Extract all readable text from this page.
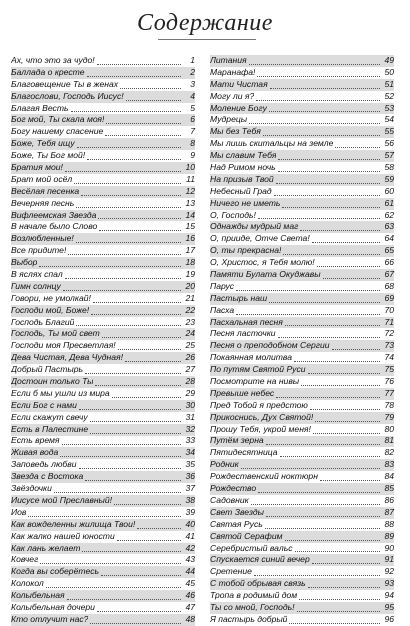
Содержание
Ах, что это за чудо!	1
Баллада о кресте	2
Благовещение Ты в женах	3
Благослови, Господь Иисус!	4
Благая Весть	5
Бог мой, Ты скала моя!	6
Богу нашему спасение	7
Боже, Тебя ищу	8
Боже, Ты Бог мой!	9
Братия мои!	10
Брат мой осёл	11
Весёлая песенка	12
Вечерняя песнь	13
Вифлеемская Звезда	14
В начале было Слово	15
Возлюбленные!	16
Все придите!	17
Выбор	18
В яслях спал	19
Гимн солнцу	20
Говори, не умолкай!	21
Господи мой, Боже!	22
Господь Благий	23
Господь, Ты мой свет	24
Господи моя Пресветлая!	25
Дева Чистая, Дева Чудная!	26
Добрый Пастырь	27
Достоин только Ты	28
Если б мы ушли из мира	29
Если Бог с нами	30
Если скажут свечу	31
Есть в Палестине	32
Есть время	33
Живая вода	34
Заповедь любви	35
Звезда с Востока	36
Звёздочки	37
Иисусе мой Преславный!	38
Иов	39
Как вожделенны жилища Твои!	40
Как жалко нашей юности	41
Как лань желает	42
Ковчег	43
Когда вы соберётесь	44
Колокол	45
Колыбельная	46
Колыбельная дочери	47
Кто отлучит нас?	48
Литания	49
Маранафа!	50
Мати Чистая	51
Могу ли я?	52
Моление Богу	53
Мудрецы	54
Мы без Тебя	55
Мы лишь скитальцы на земле	56
Мы славим Тебя	57
Над Римом ночь	58
На призыв Твой	59
Небесный Град	60
Ничего не иметь	61
О, Господь!	62
Однажды мудрый маг	63
О, прииде, Отче Света!	64
О, ты прекрасна!	65
О, Христос, я Тебя молю!	66
Памяти Булата Окуджавы	67
Парус	68
Пастырь наш	69
Пасха	70
Пасхальная песня	71
Песня ласточки	72
Песня о преподобном Сергии	73
Покаянная молитва	74
По путям Святой Руси	75
Посмотрите на нивы	76
Превыше небес	77
Пред Тобой я предстою	78
Прикоснись, Дух Святой!	79
Прошу Тебя, укрой меня!	80
Путём зерна	81
Пятидесятница	82
Родник	83
Рождественский ноктюрн	84
Рождество	85
Садовник	86
Свет Звезды	87
Святая Русь	88
Святой Серафим	89
Серебристый вальс	90
Спускается синий вечер	91
Сретение	92
С тобой обрывая связь	93
Тропа в родимый дом	94
Ты со мной, Господь!	95
Я пастырь добрый	96
